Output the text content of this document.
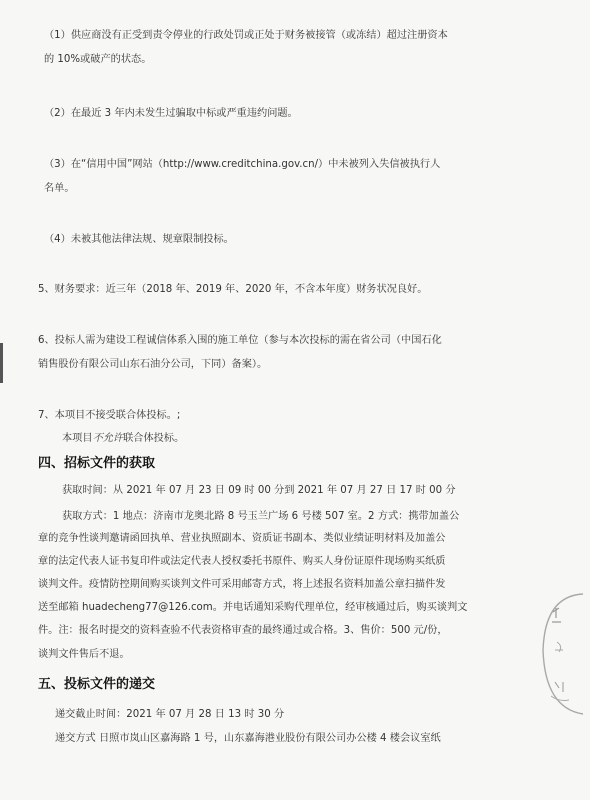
（1）供应商没有正受到责令停业的行政处罚或正处于财务被接管（或冻结）超过注册资本
的 10%或破产的状态。
（2）在最近 3 年内未发生过骗取中标或严重违约问题。
（3）在“信用中国”网站（http://www.creditchina.gov.cn/）中未被列入失信被执行人
名单。
（4）未被其他法律法规、规章限制投标。
5、财务要求：近三年（2018 年、2019 年、2020 年，不含本年度）财务状况良好。
6、投标人需为建设工程诚信体系入围的施工单位（参与本次投标的需在省公司（中国石化
销售股份有限公司山东石油分公司，下同）备案）。
7、本项目不接受联合体投标。;
本项目不允许联合体投标。
四、招标文件的获取
获取时间：从 2021 年 07 月 23 日 09 时 00 分到 2021 年 07 月 27 日 17 时 00 分
获取方式：1 地点：济南市龙奥北路 8 号玉兰广场 6 号楼 507 室。2 方式：携带加盖公
章的竞争性谈判邀请函回执单、营业执照副本、资质证书副本、类似业绩证明材料及加盖公
章的法定代表人证书复印件或法定代表人授权委托书原件、购买人身份证原件现场购买纸质
谈判文件。疫情防控期间购买谈判文件可采用邮寄方式，将上述报名资料加盖公章扫描件发
送至邮箱 huadecheng77@126.com。并电话通知采购代理单位，经审核通过后，购买谈判文
件。注：报名时提交的资料查验不代表资格审查的最终通过或合格。3、售价：500 元/份，
谈判文件售后不退。
五、投标文件的递交
递交截止时间：2021 年 07 月 28 日 13 时 30 分
递交方式 日照市岚山区嘉海路 1 号，山东嘉海港业股份有限公司办公楼 4 楼会议室纸
